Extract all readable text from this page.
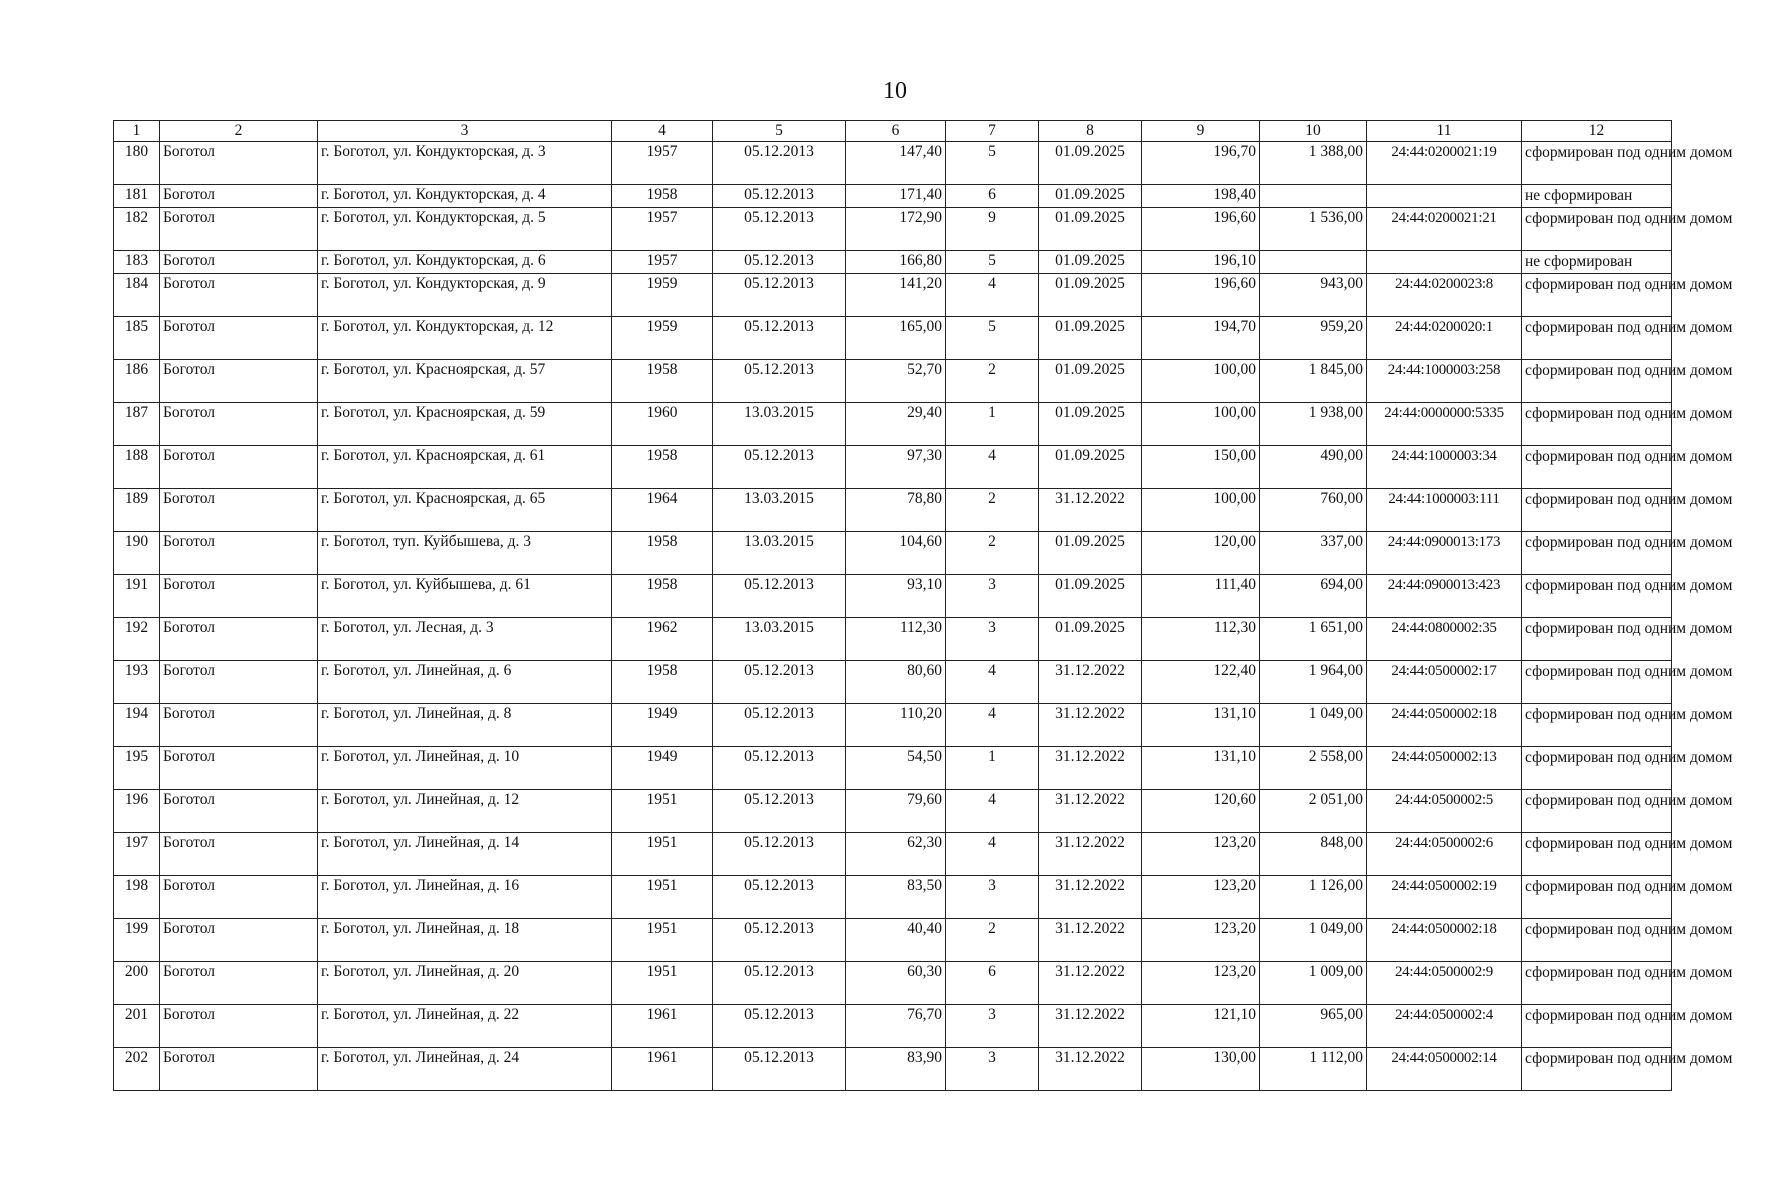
10
1	2	3	4	5	6	7	8	9	10	11	12
180	Боготол	г. Боготол, ул. Кондукторская, д. 3	1957	05.12.2013	147,40	5	01.09.2025	196,70	1 388,00	24:44:0200021:19	сформирован под одним домом
181	Боготол	г. Боготол, ул. Кондукторская, д. 4	1958	05.12.2013	171,40	6	01.09.2025	198,40			не сформирован
182	Боготол	г. Боготол, ул. Кондукторская, д. 5	1957	05.12.2013	172,90	9	01.09.2025	196,60	1 536,00	24:44:0200021:21	сформирован под одним домом
183	Боготол	г. Боготол, ул. Кондукторская, д. 6	1957	05.12.2013	166,80	5	01.09.2025	196,10			не сформирован
184	Боготол	г. Боготол, ул. Кондукторская, д. 9	1959	05.12.2013	141,20	4	01.09.2025	196,60	943,00	24:44:0200023:8	сформирован под одним домом
185	Боготол	г. Боготол, ул. Кондукторская, д. 12	1959	05.12.2013	165,00	5	01.09.2025	194,70	959,20	24:44:0200020:1	сформирован под одним домом
186	Боготол	г. Боготол, ул. Красноярская, д. 57	1958	05.12.2013	52,70	2	01.09.2025	100,00	1 845,00	24:44:1000003:258	сформирован под одним домом
187	Боготол	г. Боготол, ул. Красноярская, д. 59	1960	13.03.2015	29,40	1	01.09.2025	100,00	1 938,00	24:44:0000000:5335	сформирован под одним домом
188	Боготол	г. Боготол, ул. Красноярская, д. 61	1958	05.12.2013	97,30	4	01.09.2025	150,00	490,00	24:44:1000003:34	сформирован под одним домом
189	Боготол	г. Боготол, ул. Красноярская, д. 65	1964	13.03.2015	78,80	2	31.12.2022	100,00	760,00	24:44:1000003:111	сформирован под одним домом
190	Боготол	г. Боготол, туп. Куйбышева, д. 3	1958	13.03.2015	104,60	2	01.09.2025	120,00	337,00	24:44:0900013:173	сформирован под одним домом
191	Боготол	г. Боготол, ул. Куйбышева, д. 61	1958	05.12.2013	93,10	3	01.09.2025	111,40	694,00	24:44:0900013:423	сформирован под одним домом
192	Боготол	г. Боготол, ул. Лесная, д. 3	1962	13.03.2015	112,30	3	01.09.2025	112,30	1 651,00	24:44:0800002:35	сформирован под одним домом
193	Боготол	г. Боготол, ул. Линейная, д. 6	1958	05.12.2013	80,60	4	31.12.2022	122,40	1 964,00	24:44:0500002:17	сформирован под одним домом
194	Боготол	г. Боготол, ул. Линейная, д. 8	1949	05.12.2013	110,20	4	31.12.2022	131,10	1 049,00	24:44:0500002:18	сформирован под одним домом
195	Боготол	г. Боготол, ул. Линейная, д. 10	1949	05.12.2013	54,50	1	31.12.2022	131,10	2 558,00	24:44:0500002:13	сформирован под одним домом
196	Боготол	г. Боготол, ул. Линейная, д. 12	1951	05.12.2013	79,60	4	31.12.2022	120,60	2 051,00	24:44:0500002:5	сформирован под одним домом
197	Боготол	г. Боготол, ул. Линейная, д. 14	1951	05.12.2013	62,30	4	31.12.2022	123,20	848,00	24:44:0500002:6	сформирован под одним домом
198	Боготол	г. Боготол, ул. Линейная, д. 16	1951	05.12.2013	83,50	3	31.12.2022	123,20	1 126,00	24:44:0500002:19	сформирован под одним домом
199	Боготол	г. Боготол, ул. Линейная, д. 18	1951	05.12.2013	40,40	2	31.12.2022	123,20	1 049,00	24:44:0500002:18	сформирован под одним домом
200	Боготол	г. Боготол, ул. Линейная, д. 20	1951	05.12.2013	60,30	6	31.12.2022	123,20	1 009,00	24:44:0500002:9	сформирован под одним домом
201	Боготол	г. Боготол, ул. Линейная, д. 22	1961	05.12.2013	76,70	3	31.12.2022	121,10	965,00	24:44:0500002:4	сформирован под одним домом
202	Боготол	г. Боготол, ул. Линейная, д. 24	1961	05.12.2013	83,90	3	31.12.2022	130,00	1 112,00	24:44:0500002:14	сформирован под одним домом
